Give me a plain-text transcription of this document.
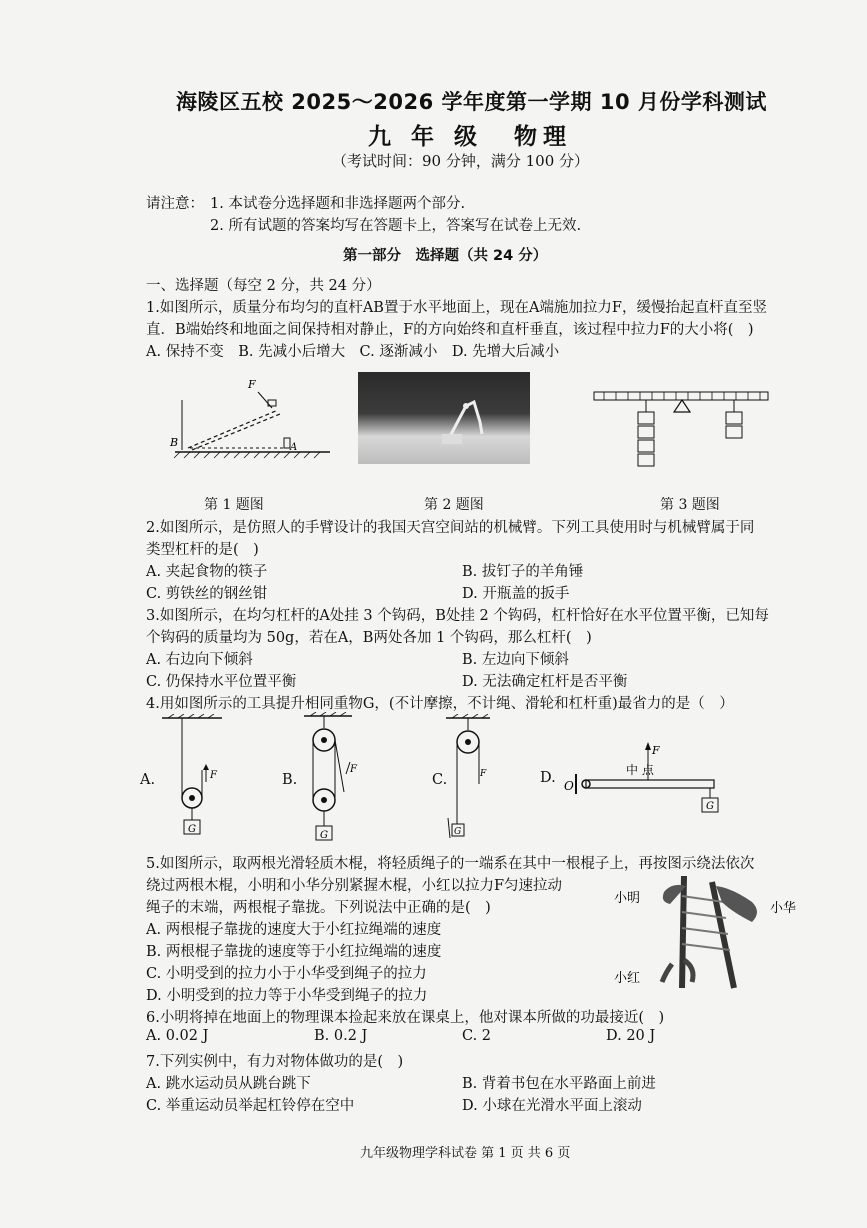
海陵区五校 2025～2026 学年度第一学期 10 月份学科测试
九 年 级 物理
（考试时间：90 分钟，满分 100 分）
请注意： 1. 本试卷分选择题和非选择题两个部分.
2. 所有试题的答案均写在答题卡上，答案写在试卷上无效.
第一部分　选择题（共 24 分）
一、选择题（每空 2 分，共 24 分）
1.如图所示，质量分布均匀的直杆AB置于水平地面上，现在A端施加拉力F，缓慢抬起直杆直至竖
直．B端始终和地面之间保持相对静止，F的方向始终和直杆垂直，该过程中拉力F的大小将(　)
A. 保持不变　B. 先减小后增大　C. 逐渐减小　D. 先增大后减小
F
B	A
第 1 题图	第 2 题图	第 3 题图
2.如图所示，是仿照人的手臂设计的我国天宫空间站的机械臂。下列工具使用时与机械臂属于同
类型杠杆的是(　)
A. 夹起食物的筷子	B. 拔钉子的羊角锤
C. 剪铁丝的钢丝钳	D. 开瓶盖的扳手
3.如图所示，在均匀杠杆的A处挂 3 个钩码，B处挂 2 个钩码，杠杆恰好在水平位置平衡，已知每
个钩码的质量均为 50g，若在A，B两处各加 1 个钩码，那么杠杆(　)
A. 右边向下倾斜	B. 左边向下倾斜
C. 仍保持水平位置平衡	D. 无法确定杠杆是否平衡
4.用如图所示的工具提升相同重物G，(不计摩擦，不计绳、滑轮和杠杆重)最省力的是（　）
A.
G
F	B.
G
F
C.
G
F	D.
F
中 点
O
G
5.如图所示，取两根光滑轻质木棍，将轻质绳子的一端系在其中一根棍子上，再按图示绕法依次
绕过两根木棍，小明和小华分别紧握木棍，小红以拉力F匀速拉动
绳子的末端，两根棍子靠拢。下列说法中正确的是(　)
A. 两根棍子靠拢的速度大于小红拉绳端的速度
B. 两根棍子靠拢的速度等于小红拉绳端的速度
C. 小明受到的拉力小于小华受到绳子的拉力
D. 小明受到的拉力等于小华受到绳子的拉力
小明
小华
小红
6.小明将掉在地面上的物理课本捡起来放在课桌上，他对课本所做的功最接近(　)
A. 0.02 J	B. 0.2 J	C. 2	D. 20 J
7.下列实例中，有力对物体做功的是(　)
A. 跳水运动员从跳台跳下	B. 背着书包在水平路面上前进
C. 举重运动员举起杠铃停在空中	D. 小球在光滑水平面上滚动
九年级物理学科试卷 第 1 页 共 6 页
